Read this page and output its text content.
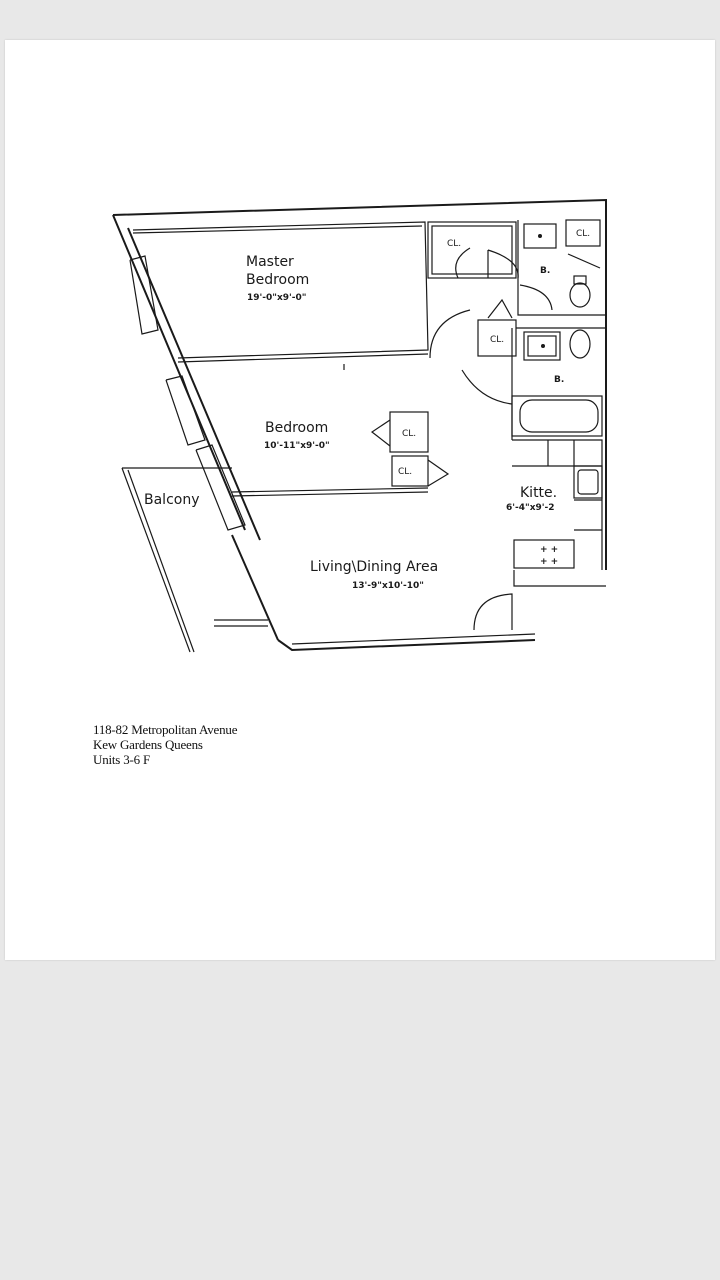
+ +
+ +
Master
Bedroom
19'-0"x9'-0"
Bedroom
10'-11"x9'-0"
Balcony
Living\Dining Area
13'-9"x10'-10"
Kitte.
6'-4"x9'-2
CL.
CL.
CL.
CL.
CL.
B.
B.
118-82 Metropolitan Avenue
Kew Gardens Queens
Units 3-6 F
